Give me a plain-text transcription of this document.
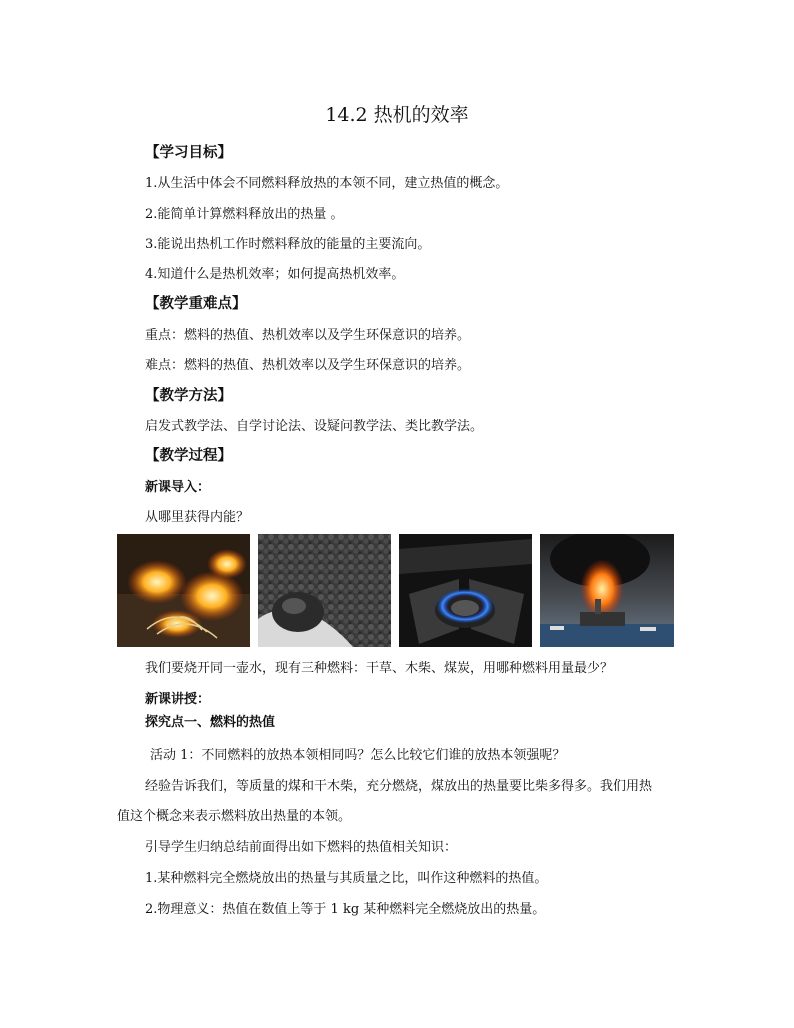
14.2 热机的效率
【学习目标】
1.从生活中体会不同燃料释放热的本领不同，建立热值的概念。
2.能简单计算燃料释放出的热量 。
3.能说出热机工作时燃料释放的能量的主要流向。
4.知道什么是热机效率；如何提高热机效率。
【教学重难点】
重点：燃料的热值、热机效率以及学生环保意识的培养。
难点：燃料的热值、热机效率以及学生环保意识的培养。
【教学方法】
启发式教学法、自学讨论法、设疑问教学法、类比教学法。
【教学过程】
新课导入：
从哪里获得内能？
我们要烧开同一壶水，现有三种燃料：干草、木柴、煤炭，用哪种燃料用量最少？
新课讲授：
探究点一、燃料的热值
活动 1：不同燃料的放热本领相同吗？怎么比较它们谁的放热本领强呢？
经验告诉我们，等质量的煤和干木柴，充分燃烧，煤放出的热量要比柴多得多。我们用热
值这个概念来表示燃料放出热量的本领。
引导学生归纳总结前面得出如下燃料的热值相关知识：
1.某种燃料完全燃烧放出的热量与其质量之比，叫作这种燃料的热值。
2.物理意义：热值在数值上等于 1 kg 某种燃料完全燃烧放出的热量。
